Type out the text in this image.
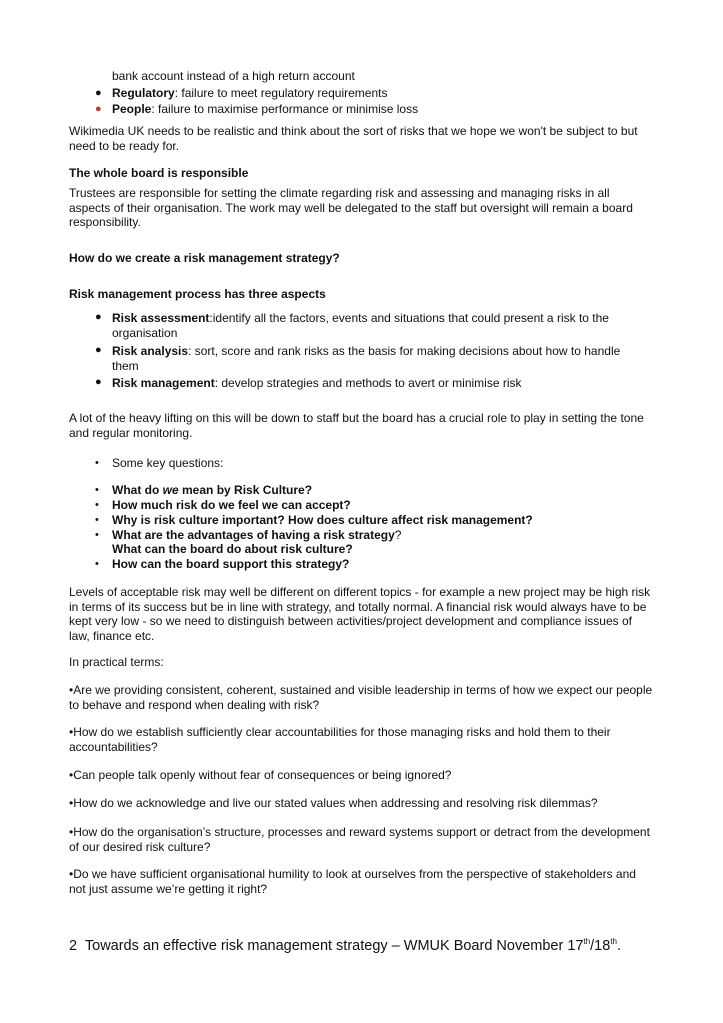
bank account instead of a high return account
● Regulatory: failure to meet regulatory requirements
● People: failure to maximise performance or minimise loss

Wikimedia UK needs to be realistic and think about the sort of risks that we hope we won't be subject to but need to be ready for.

The whole board is responsible

Trustees are responsible for setting the climate regarding risk and assessing and managing risks in all aspects of their organisation. The work may well be delegated to the staff but oversight will remain a board responsibility.

How do we create a risk management strategy?

Risk management process has three aspects

● Risk assessment:identify all the factors, events and situations that could present a risk to the organisation
● Risk analysis: sort, score and rank risks as the basis for making decisions about how to handle them
● Risk management: develop strategies and methods to avert or minimise risk

A lot of the heavy lifting on this will be down to staff but the board has a crucial role to play in setting the tone and regular monitoring.

• Some key questions:
• What do we mean by Risk Culture?
• How much risk do we feel we can accept?
• Why is risk culture important? How does culture affect risk management?
• What are the advantages of having a risk strategy?
What can the board do about risk culture?
• How can the board support this strategy?

Levels of acceptable risk may well be different on different topics - for example a new project may be high risk in terms of its success but be in line with strategy, and totally normal. A financial risk would always have to be kept very low - so we need to distinguish between activities/project development and compliance issues of law, finance etc.

In practical terms:

•Are we providing consistent, coherent, sustained and visible leadership in terms of how we expect our people to behave and respond when dealing with risk?

•How do we establish sufficiently clear accountabilities for those managing risks and hold them to their accountabilities?

•Can people talk openly without fear of consequences or being ignored?

•How do we acknowledge and live our stated values when addressing and resolving risk dilemmas?

•How do the organisation’s structure, processes and reward systems support or detract from the development of our desired risk culture?

•Do we have sufficient organisational humility to look at ourselves from the perspective of stakeholders and not just assume we’re getting it right?

2 Towards an effective risk management strategy – WMUK Board November 17th/18th.
